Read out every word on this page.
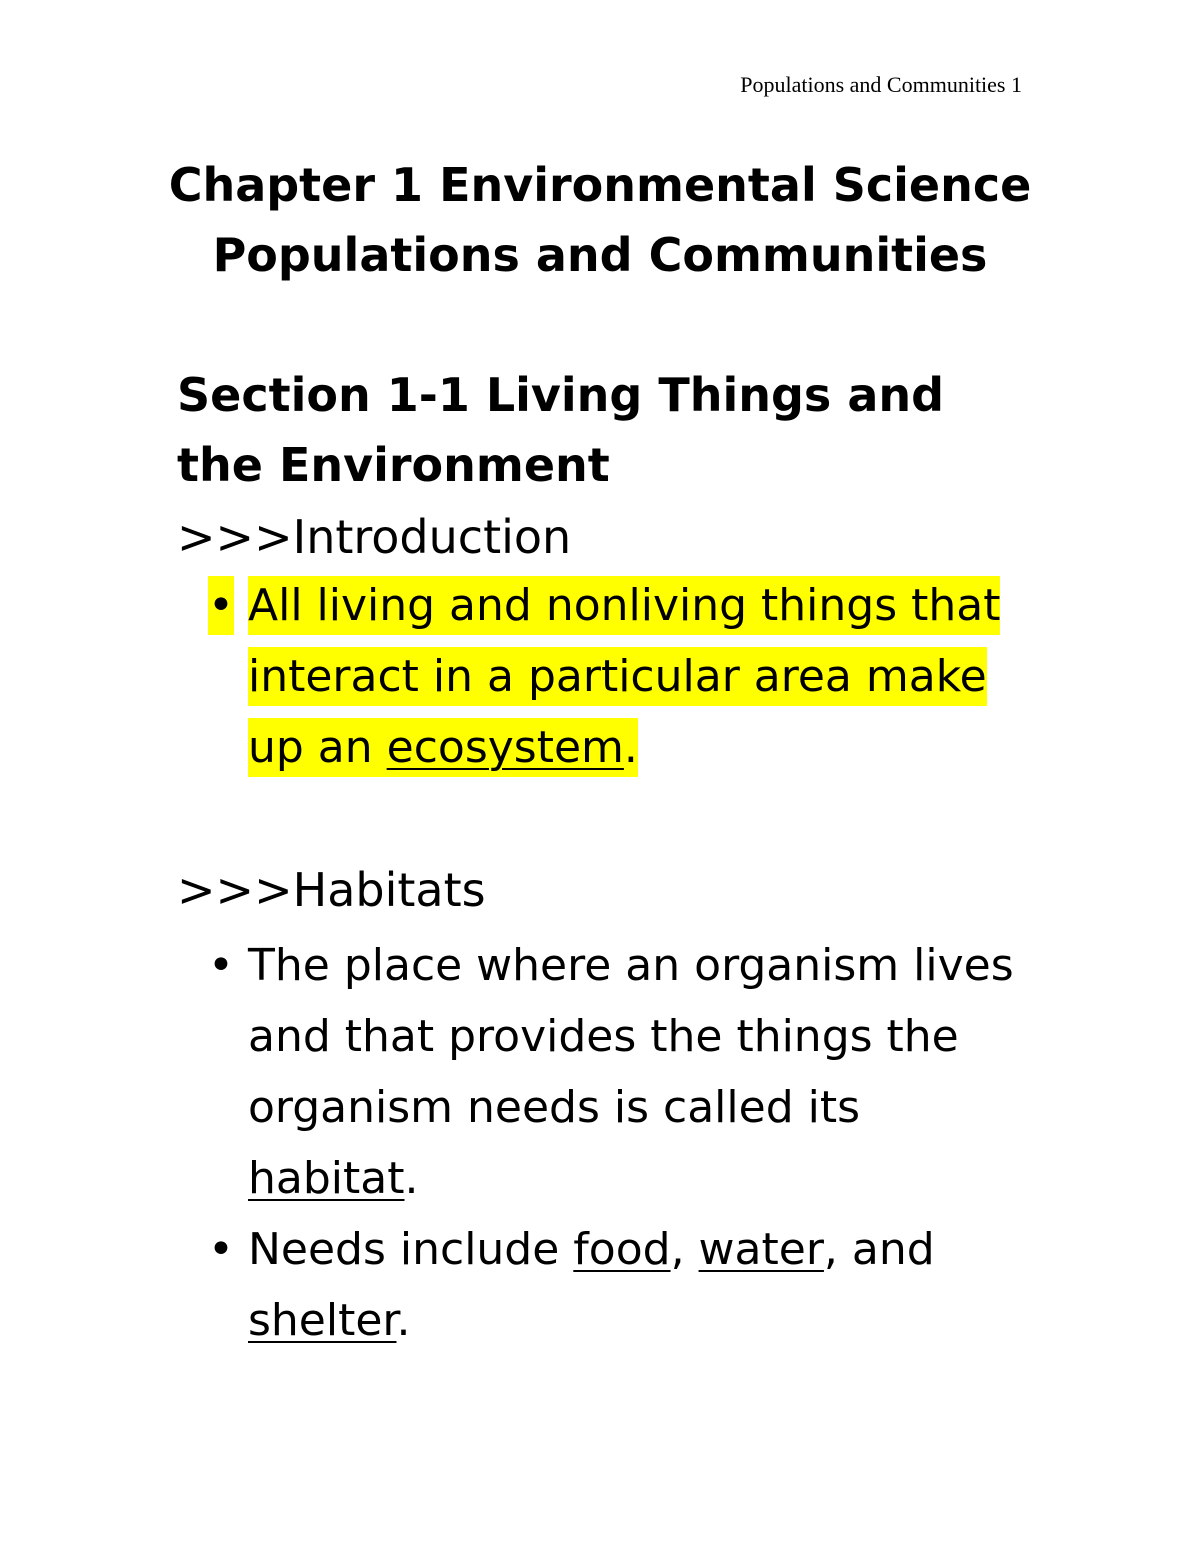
Populations and Communities 1
Chapter 1 Environmental Science
Populations and Communities
Section 1-1 Living Things and the Environment
>>>Introduction
• All living and nonliving things that interact in a particular area make up an ecosystem.
>>>Habitats
• The place where an organism lives and that provides the things the organism needs is called its habitat.
• Needs include food, water, and shelter.
